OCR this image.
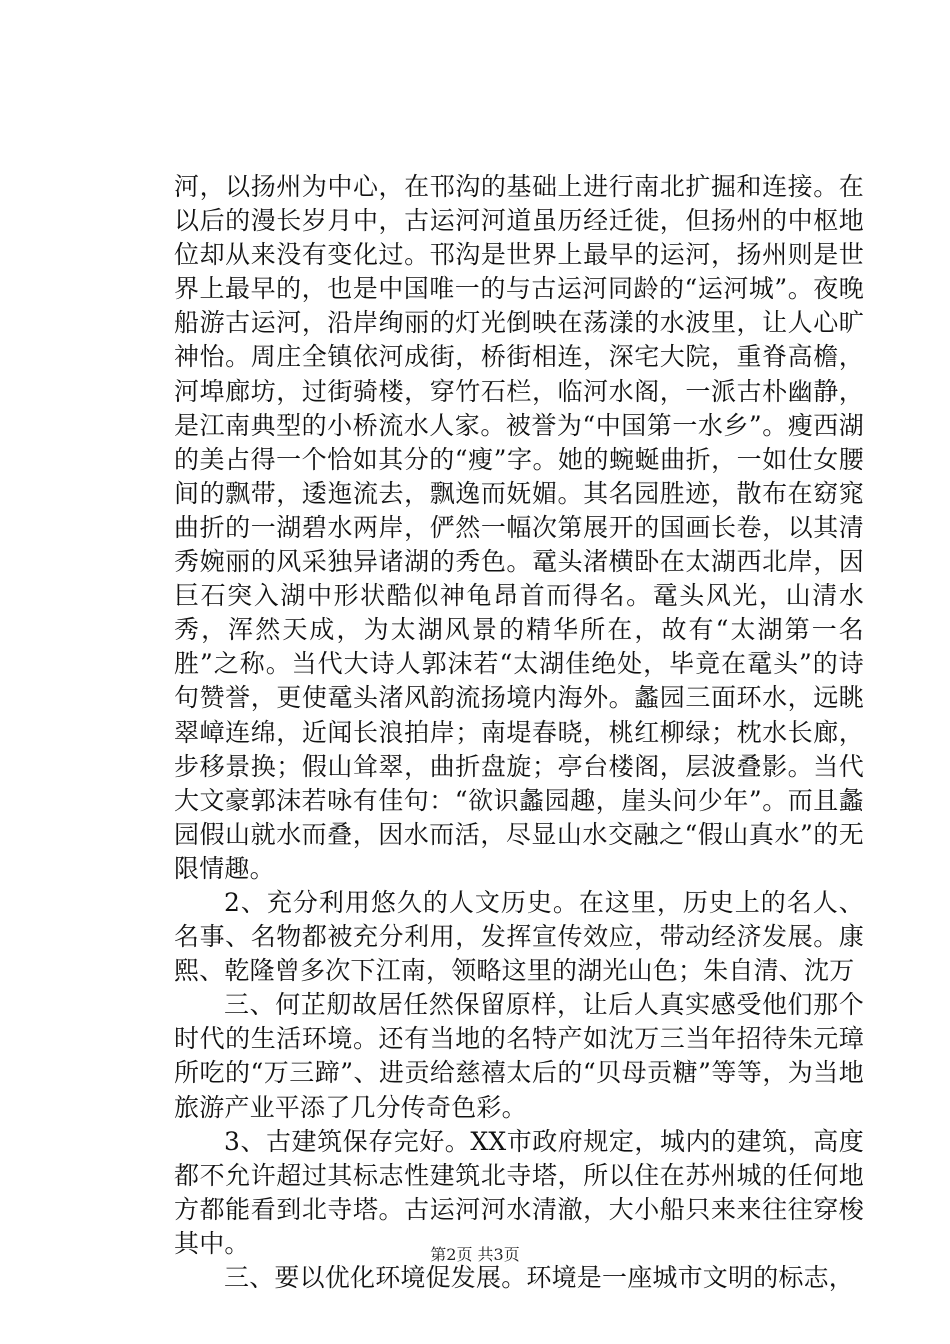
河，以扬州为中心，在邗沟的基础上进行南北扩掘和连接。在以后的漫长岁月中，古运河河道虽历经迁徙，但扬州的中枢地位却从来没有变化过。邗沟是世界上最早的运河，扬州则是世界上最早的，也是中国唯一的与古运河同龄的“运河城”。夜晚船游古运河，沿岸绚丽的灯光倒映在荡漾的水波里，让人心旷神怡。周庄全镇依河成街，桥街相连，深宅大院，重脊高檐，河埠廊坊，过街骑楼，穿竹石栏，临河水阁，一派古朴幽静，是江南典型的小桥流水人家。被誉为“中国第一水乡”。瘦西湖的美占得一个恰如其分的“瘦”字。她的蜿蜒曲折，一如仕女腰间的飘带，逶迤流去，飘逸而妩媚。其名园胜迹，散布在窈窕曲折的一湖碧水两岸，俨然一幅次第展开的国画长卷，以其清秀婉丽的风采独异诸湖的秀色。鼋头渚横卧在太湖西北岸，因巨石突入湖中形状酷似神龟昂首而得名。鼋头风光，山清水秀，浑然天成，为太湖风景的精华所在，故有“太湖第一名胜”之称。当代大诗人郭沫若“太湖佳绝处，毕竟在鼋头”的诗句赞誉，更使鼋头渚风韵流扬境内海外。蠡园三面环水，远眺翠嶂连绵，近闻长浪拍岸；南堤春晓，桃红柳绿；枕水长廊，步移景换；假山耸翠，曲折盘旋；亭台楼阁，层波叠影。当代大文豪郭沫若咏有佳句：“欲识蠡园趣，崖头问少年”。而且蠡园假山就水而叠，因水而活，尽显山水交融之“假山真水”的无限情趣。

2、充分利用悠久的人文历史。在这里，历史上的名人、名事、名物都被充分利用，发挥宣传效应，带动经济发展。康熙、乾隆曾多次下江南，领略这里的湖光山色；朱自清、沈万

三、何芷舠故居任然保留原样，让后人真实感受他们那个时代的生活环境。还有当地的名特产如沈万三当年招待朱元璋所吃的“万三蹄”、进贡给慈禧太后的“贝母贡糖”等等，为当地旅游产业平添了几分传奇色彩。

3、古建筑保存完好。XX市政府规定，城内的建筑，高度都不允许超过其标志性建筑北寺塔，所以住在苏州城的任何地方都能看到北寺塔。古运河河水清澈，大小船只来来往往穿梭其中。

三、要以优化环境促发展。环境是一座城市文明的标志，

第2页 共3页
